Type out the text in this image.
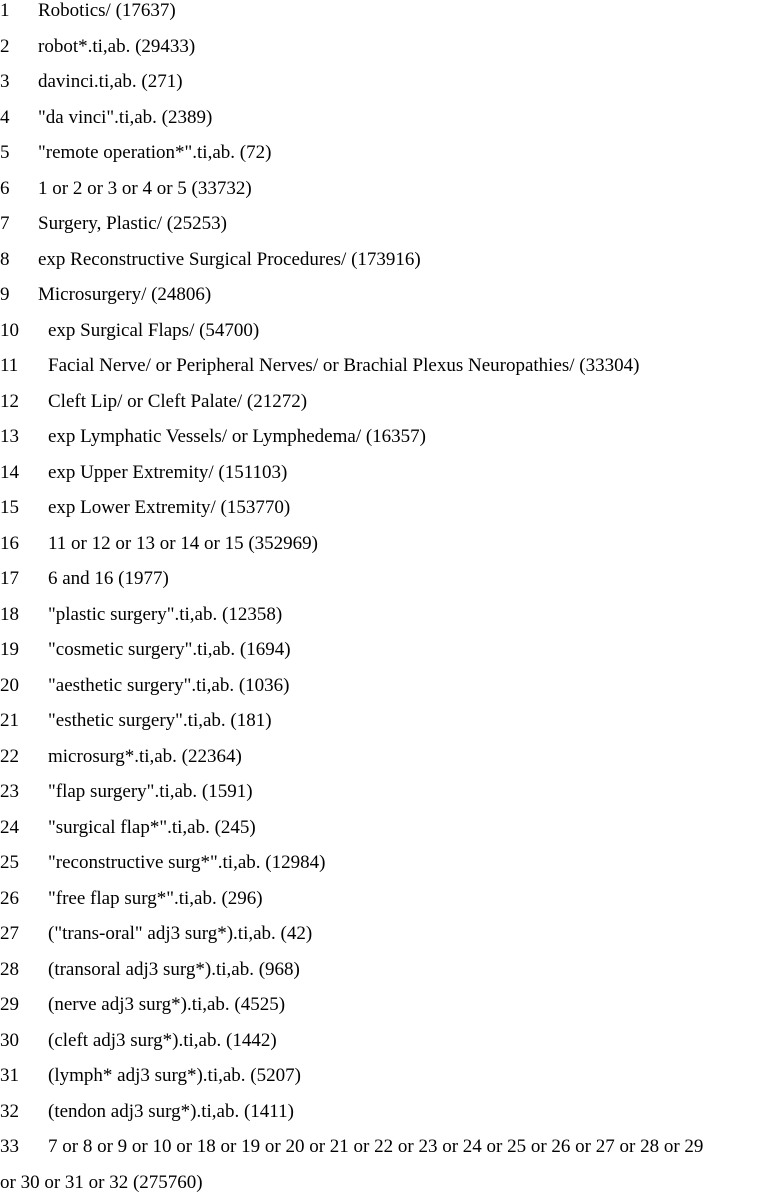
1 Robotics/ (17637)
2 robot*.ti,ab. (29433)
3 davinci.ti,ab. (271)
4 "da vinci".ti,ab. (2389)
5 "remote operation*".ti,ab. (72)
6 1 or 2 or 3 or 4 or 5 (33732)
7 Surgery, Plastic/ (25253)
8 exp Reconstructive Surgical Procedures/ (173916)
9 Microsurgery/ (24806)
10 exp Surgical Flaps/ (54700)
11 Facial Nerve/ or Peripheral Nerves/ or Brachial Plexus Neuropathies/ (33304)
12 Cleft Lip/ or Cleft Palate/ (21272)
13 exp Lymphatic Vessels/ or Lymphedema/ (16357)
14 exp Upper Extremity/ (151103)
15 exp Lower Extremity/ (153770)
16 11 or 12 or 13 or 14 or 15 (352969)
17 6 and 16 (1977)
18 "plastic surgery".ti,ab. (12358)
19 "cosmetic surgery".ti,ab. (1694)
20 "aesthetic surgery".ti,ab. (1036)
21 "esthetic surgery".ti,ab. (181)
22 microsurg*.ti,ab. (22364)
23 "flap surgery".ti,ab. (1591)
24 "surgical flap*".ti,ab. (245)
25 "reconstructive surg*".ti,ab. (12984)
26 "free flap surg*".ti,ab. (296)
27 ("trans-oral" adj3 surg*).ti,ab. (42)
28 (transoral adj3 surg*).ti,ab. (968)
29 (nerve adj3 surg*).ti,ab. (4525)
30 (cleft adj3 surg*).ti,ab. (1442)
31 (lymph* adj3 surg*).ti,ab. (5207)
32 (tendon adj3 surg*).ti,ab. (1411)
33 7 or 8 or 9 or 10 or 18 or 19 or 20 or 21 or 22 or 23 or 24 or 25 or 26 or 27 or 28 or 29
or 30 or 31 or 32 (275760)
